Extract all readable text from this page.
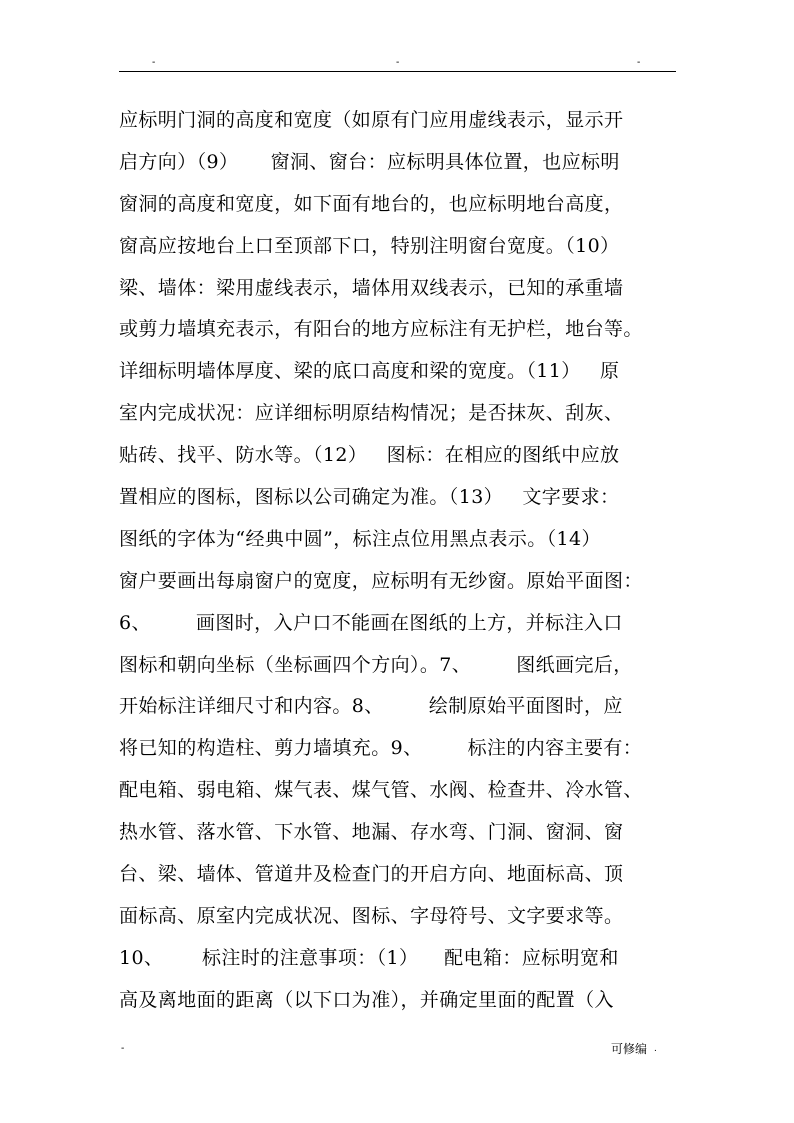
-	-	-
应标明门洞的高度和宽度（如原有门应用虚线表示，显示开
启方向）（9）     窗洞、窗台：应标明具体位置，也应标明
窗洞的高度和宽度，如下面有地台的，也应标明地台高度，
窗高应按地台上口至顶部下口，特别注明窗台宽度。（10）
梁、墙体：梁用虚线表示，墙体用双线表示，已知的承重墙
或剪力墙填充表示，有阳台的地方应标注有无护栏，地台等。
详细标明墙体厚度、梁的底口高度和梁的宽度。（11）   原
室内完成状况：应详细标明原结构情况；是否抹灰、刮灰、
贴砖、找平、防水等。（12）   图标：在相应的图纸中应放
置相应的图标，图标以公司确定为准。（13）   文字要求：
图纸的字体为“经典中圆”，标注点位用黑点表示。（14）
窗户要画出每扇窗户的宽度，应标明有无纱窗。原始平面图：
6、       画图时，入户口不能画在图纸的上方，并标注入口
图标和朝向坐标（坐标画四个方向）。7、       图纸画完后，
开始标注详细尺寸和内容。8、       绘制原始平面图时，应
将已知的构造柱、剪力墙填充。9、       标注的内容主要有：
配电箱、弱电箱、煤气表、煤气管、水阀、检查井、冷水管、
热水管、落水管、下水管、地漏、存水弯、门洞、窗洞、窗
台、梁、墙体、管道井及检查门的开启方向、地面标高、顶
面标高、原室内完成状况、图标、字母符号、文字要求等。
10、      标注时的注意事项：（1）    配电箱：应标明宽和
高及离地面的距离（以下口为准），并确定里面的配置（入
-	可修编 .
